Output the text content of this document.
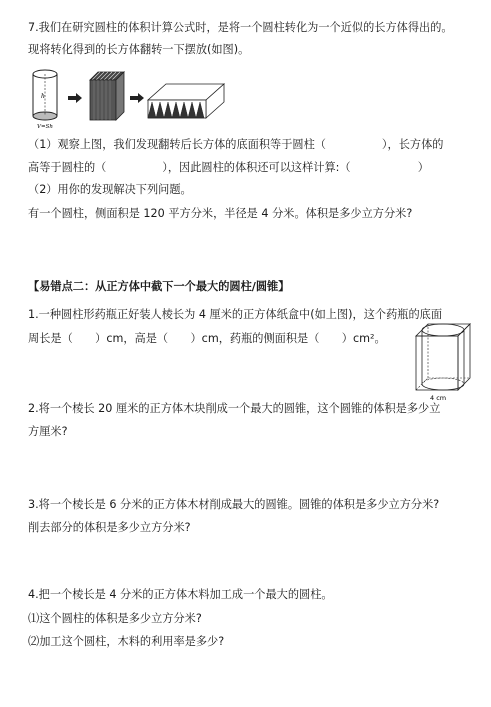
7.我们在研究圆柱的体积计算公式时，是将一个圆柱转化为一个近似的长方体得出的。
现将转化得到的长方体翻转一下摆放(如图)。
h
V=Sh
（1）观察上图，我们发现翻转后长方体的底面积等于圆柱（　　　　　），长方体的
高等于圆柱的（　　　　　），因此圆柱的体积还可以这样计算:（　　　　　　）
（2）用你的发现解决下列问题。
有一个圆柱，侧面积是 120 平方分米，半径是 4 分米。体积是多少立方分米?
【易错点二：从正方体中截下一个最大的圆柱/圆锥】
1.一种圆柱形药瓶正好装人棱长为 4 厘米的正方体纸盒中(如上图)，这个药瓶的底面
周长是（　　）cm，高是（　　）cm，药瓶的侧面积是（　　）cm²。
4 cm
2.将一个棱长 20 厘米的正方体木块削成一个最大的圆锥，这个圆锥的体积是多少立
方厘米?
3.将一个棱长是 6 分米的正方体木材削成最大的圆锥。圆锥的体积是多少立方分米?
削去部分的体积是多少立方分米?
4.把一个棱长是 4 分米的正方体木料加工成一个最大的圆柱。
⑴这个圆柱的体积是多少立方分米?
⑵加工这个圆柱，木料的利用率是多少?
